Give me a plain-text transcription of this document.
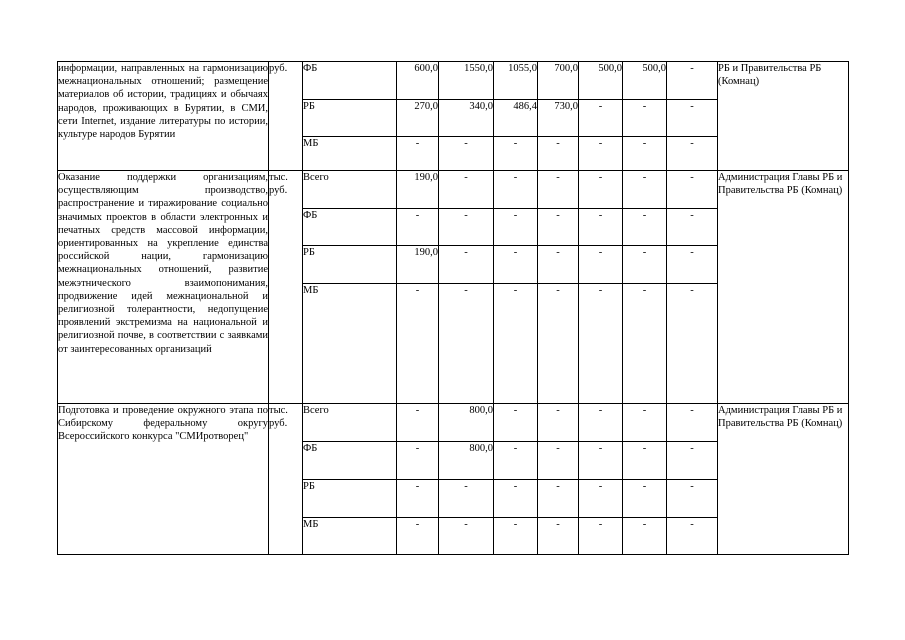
информации, направленных на гармонизацию межнациональных отношений; размещение материалов об истории, традициях и обычаях народов, проживающих в Бурятии, в СМИ, сети Internet, издание литературы по истории, культуре народов Бурятии	руб.	ФБ	600,0	1550,0	1055,0	700,0	500,0	500,0	-	РБ и Правительства РБ (Комнац)
		РБ	270,0	340,0	486,4	730,0	-	-	-	
		МБ	-	-	-	-	-	-	-	
Оказание поддержки организациям, осуществляющим производство, распространение и тиражирование социально значимых проектов в области электронных и печатных средств массовой информации, ориентированных на укрепление единства российской нации, гармонизацию межнациональных отношений, развитие межэтнического взаимопонимания, продвижение идей межнациональной и религиозной толерантности, недопущение проявлений экстремизма на национальной и религиозной почве, в соответствии с заявками от заинтересованных организаций	тыс. руб.	Всего	190,0	-	-	-	-	-	-	Администрация Главы РБ и Правительства РБ (Комнац)
		ФБ	-	-	-	-	-	-	-	
		РБ	190,0	-	-	-	-	-	-	
		МБ	-	-	-	-	-	-	-	
Подготовка и проведение окружного этапа по Сибирскому федеральному округу Всероссийского конкурса "СМИротворец"	тыс. руб.	Всего	-	800,0	-	-	-	-	-	Администрация Главы РБ и Правительства РБ (Комнац)
		ФБ	-	800,0	-	-	-	-	-	
		РБ	-	-	-	-	-	-	-	
		МБ	-	-	-	-	-	-	-	
